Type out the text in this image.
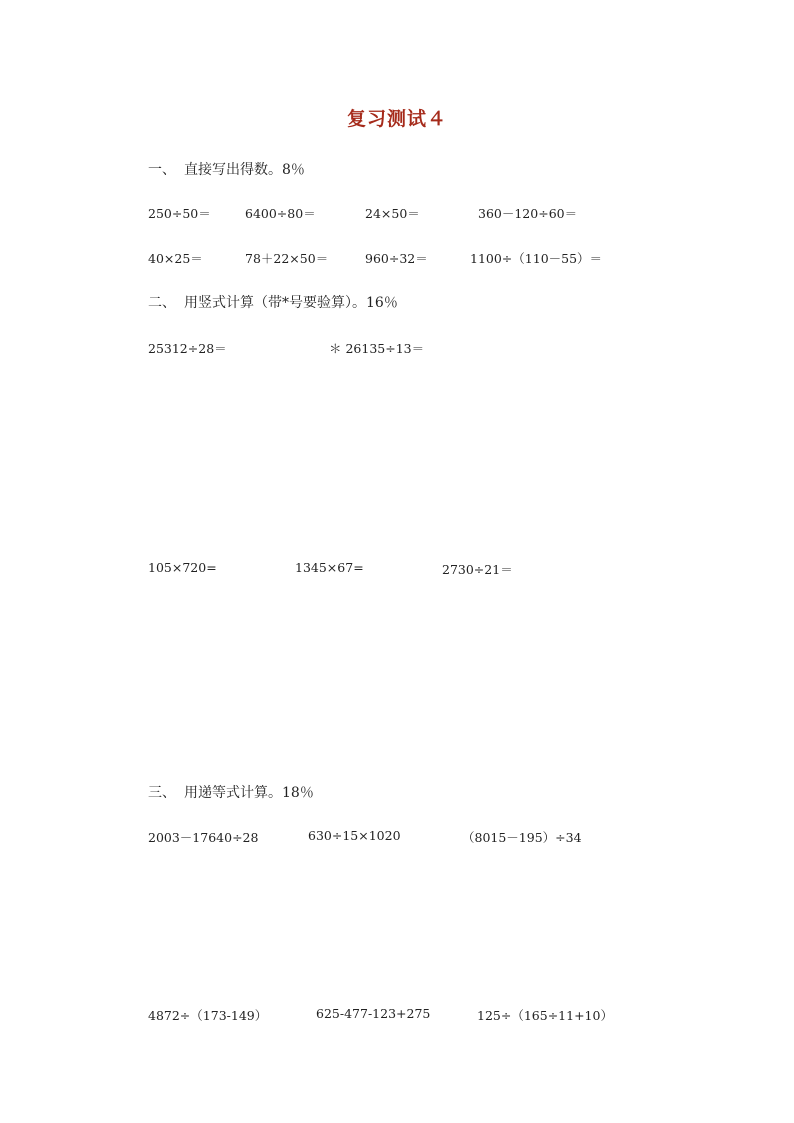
复习测试４
一、 直接写出得数。8％
250÷50＝	6400÷80＝	24×50＝	360－120÷60＝
40×25＝	78＋22×50＝	960÷32＝	1100÷（110－55）＝
二、 用竖式计算（带*号要验算）。16％
25312÷28＝	＊ 26135÷13＝
105×720=	1345×67=	2730÷21＝
三、 用递等式计算。18％
2003－17640÷28	630÷15×1020	（8015－195）÷34
4872÷（173-149）	625-477-123+275	125÷（165÷11+10）
